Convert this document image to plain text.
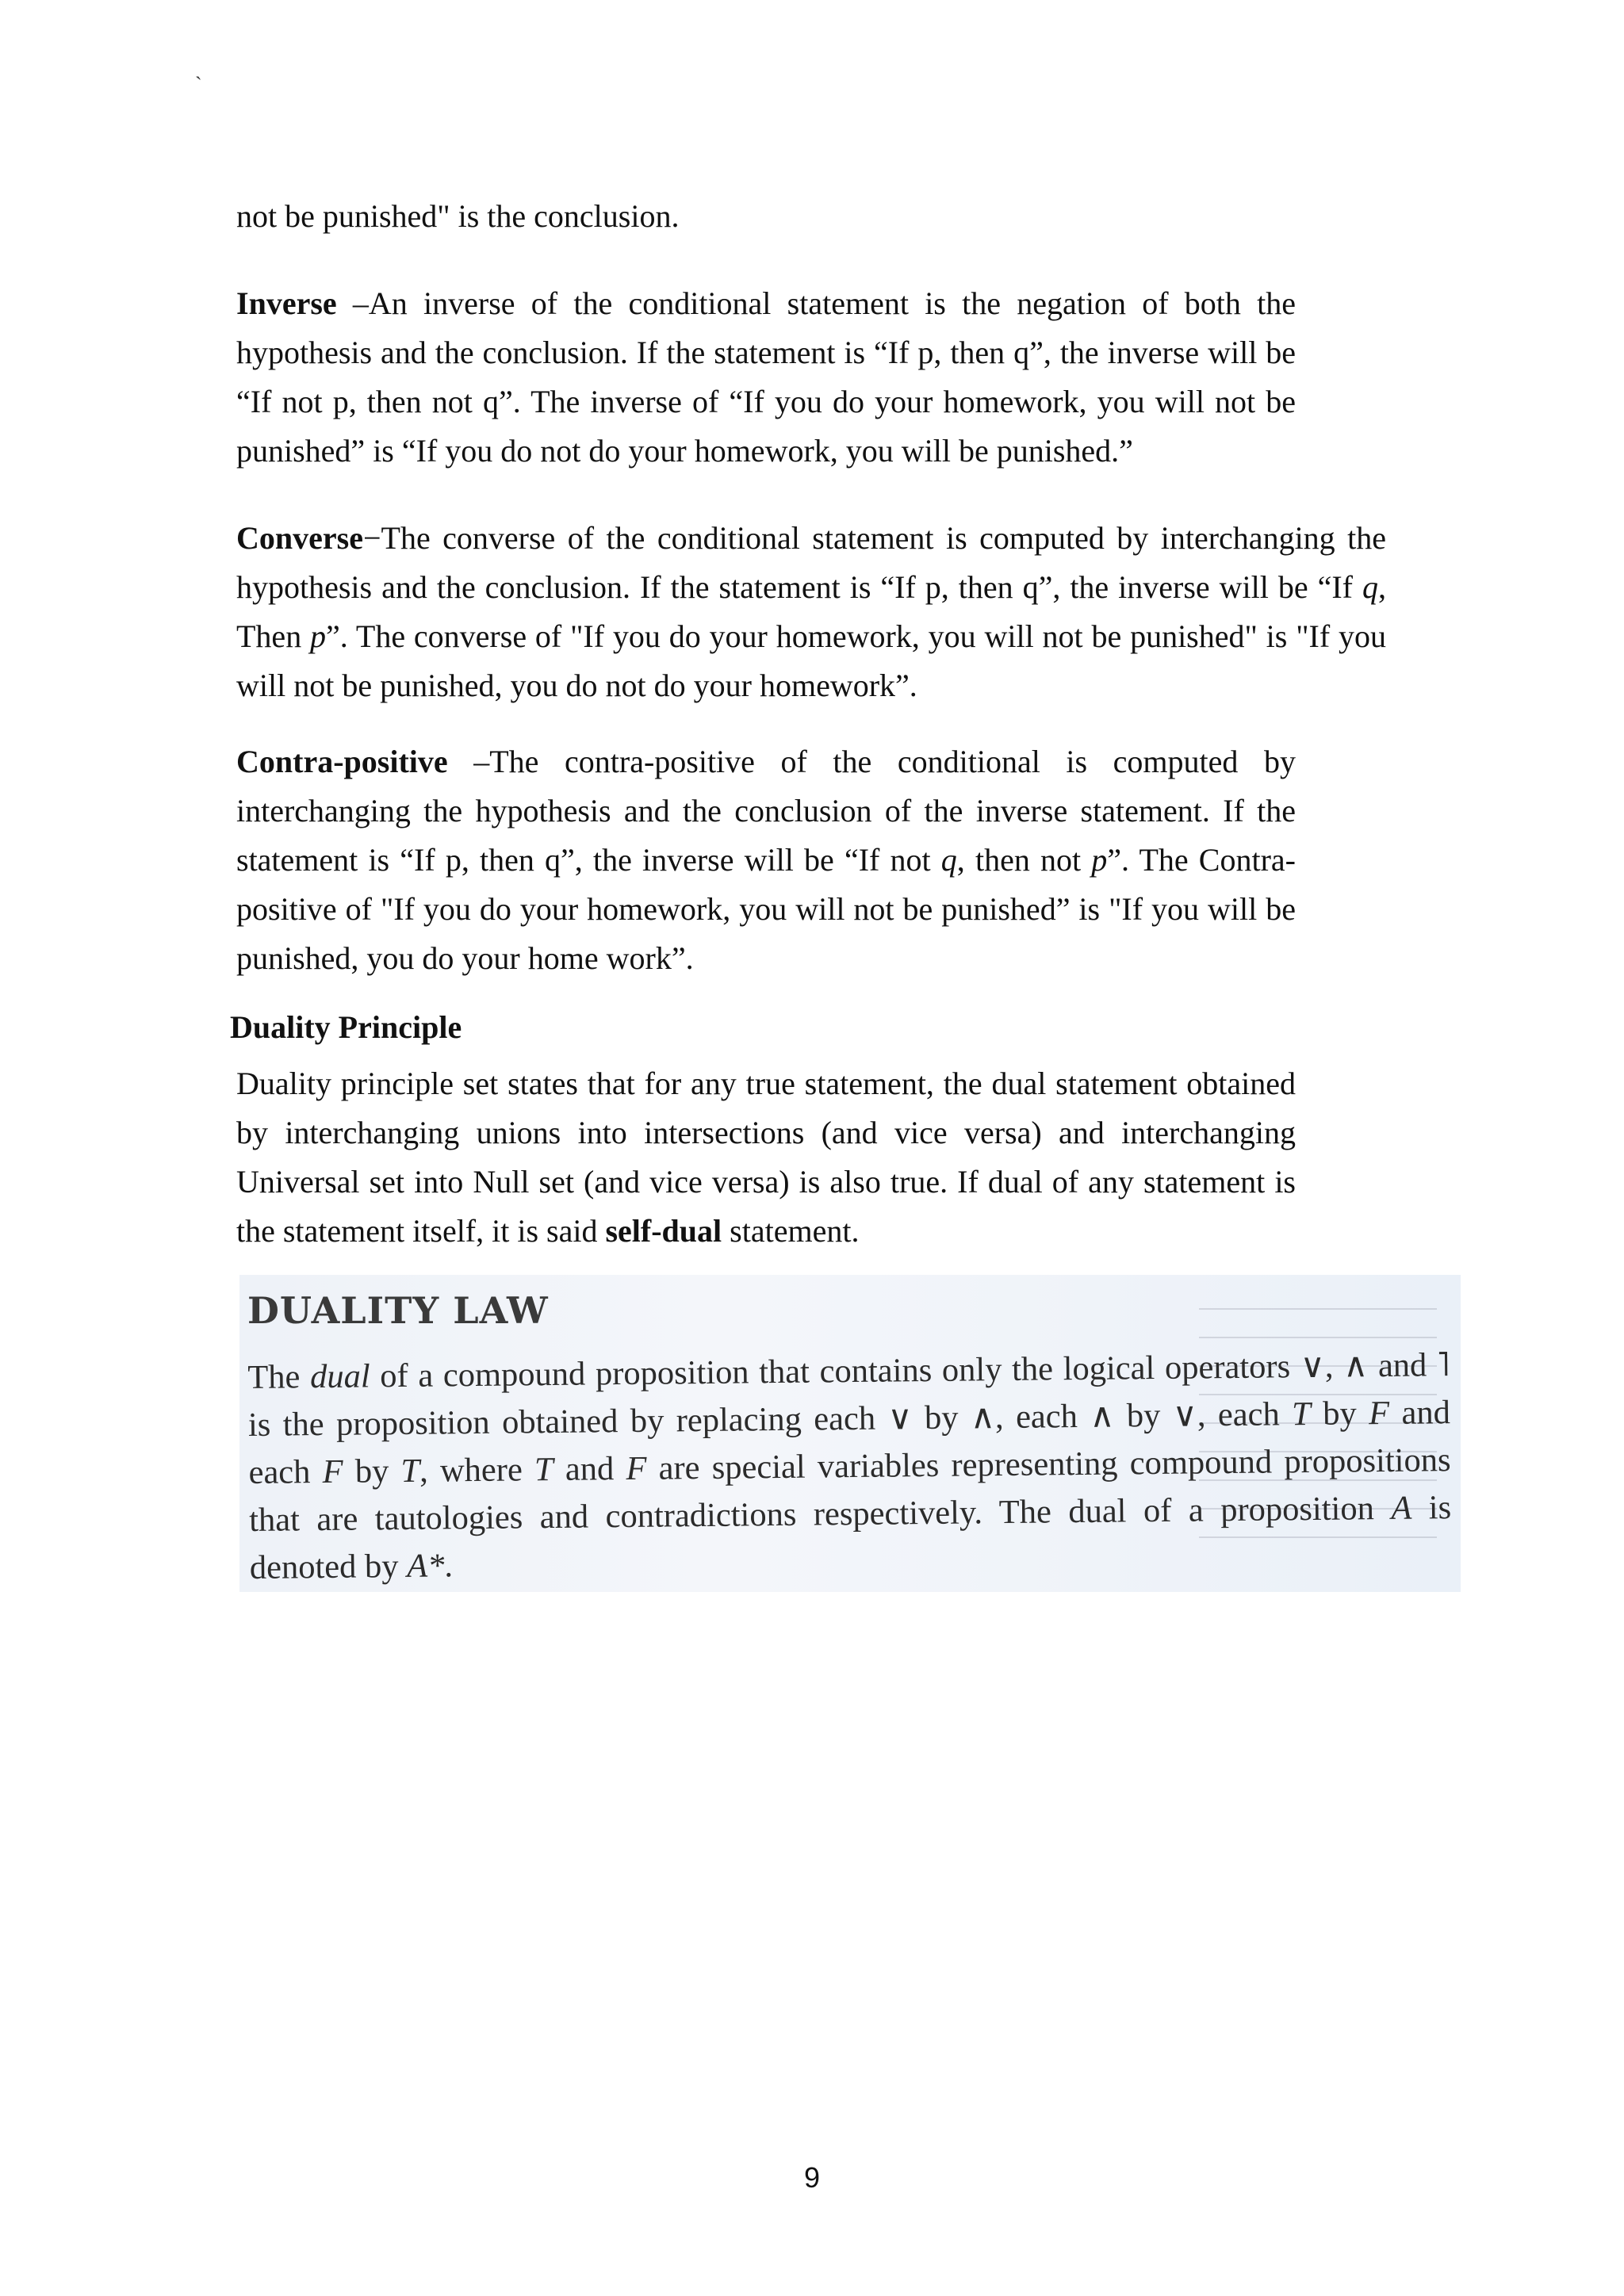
`

not be punished" is the conclusion.

Inverse –An inverse of the conditional statement is the negation of both the hypothesis and the conclusion. If the statement is “If p, then q”, the inverse will be “If not p, then not q”. The inverse of “If you do your homework, you will not be punished” is “If you do not do your homework, you will be punished.”

Converse−The converse of the conditional statement is computed by interchanging the hypothesis and the conclusion. If the statement is “If p, then q”, the inverse will be “If q, Then p”. The converse of "If you do your homework, you will not be punished" is "If you will not be punished, you do not do your homework”.

Contra-positive –The contra-positive of the conditional is computed by interchanging the hypothesis and the conclusion of the inverse statement. If the statement is “If p, then q”, the inverse will be “If not q, then not p”. The Contra-positive of "If you do your homework, you will not be punished” is "If you will be punished, you do your home work”.

Duality Principle

Duality principle set states that for any true statement, the dual statement obtained by interchanging unions into intersections (and vice versa) and interchanging Universal set into Null set (and vice versa) is also true. If dual of any statement is the statement itself, it is said self-dual statement.

DUALITY LAW

The dual of a compound proposition that contains only the logical operators ∨, ∧ and ˥ is the proposition obtained by replacing each ∨ by ∧, each ∧ by ∨, each T by F and each F by T, where T and F are special variables representing compound propositions that are tautologies and contradictions respectively. The dual of a proposition A is denoted by A*.

9
